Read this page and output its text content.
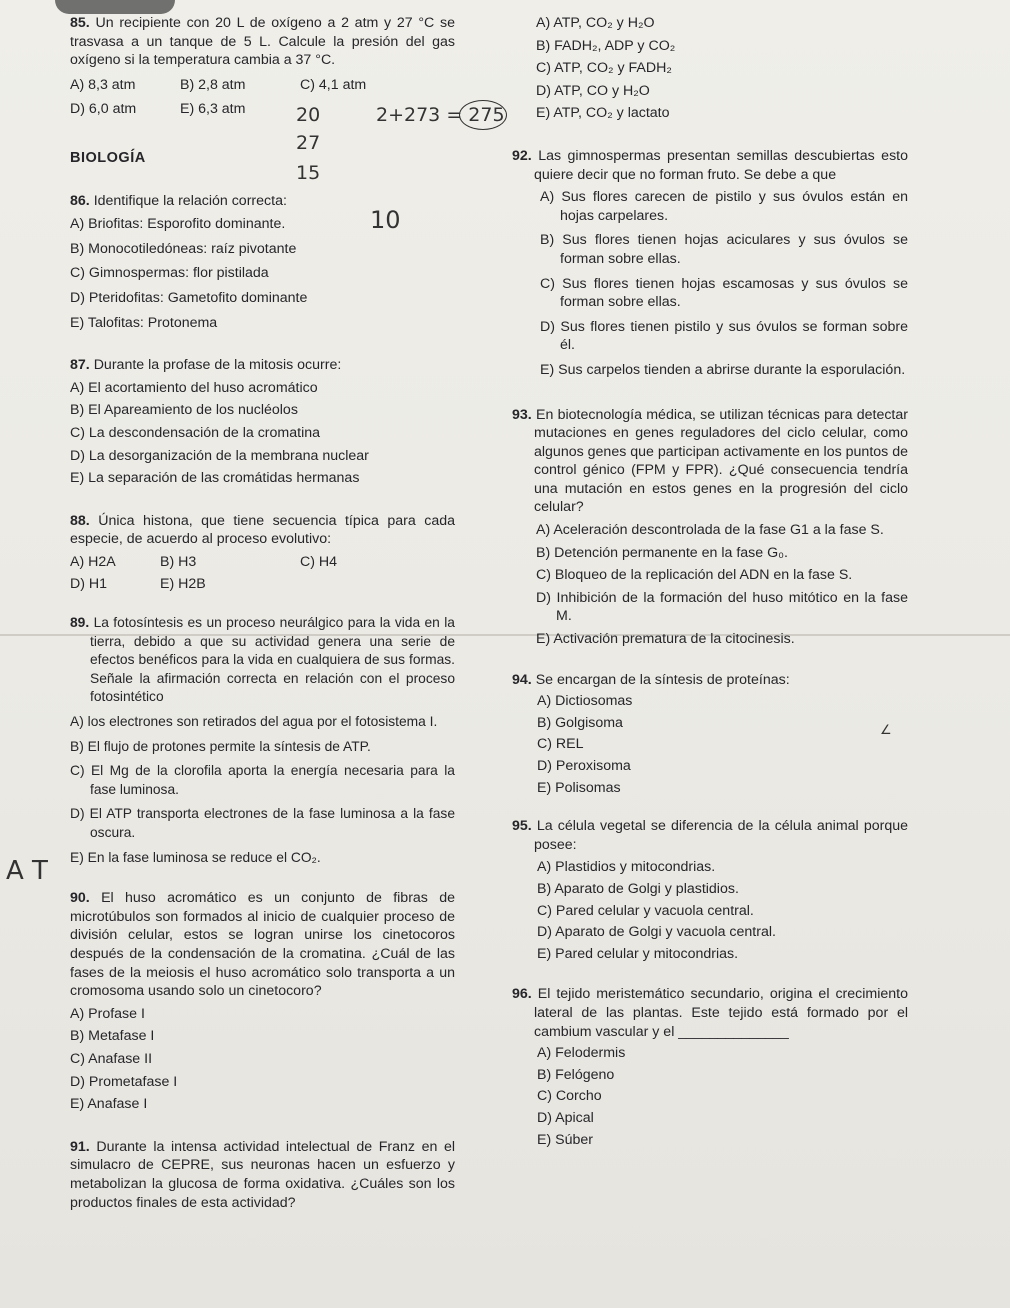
85. Un recipiente con 20 L de oxígeno a 2 atm y 27 °C se trasvasa a un tanque de 5 L. Calcule la presión del gas oxígeno si la temperatura cambia a 37 °C.

A) 8,3 atm	B) 2,8 atm	C) 4,1 atm
D) 6,0 atm	E) 6,3 atm

BIOLOGÍA

86. Identifique la relación correcta:

A) Briofitas: Esporofito dominante.

B) Monocotiledóneas: raíz pivotante

C) Gimnospermas: flor pistilada

D) Pteridofitas: Gametofito dominante

E) Talofitas: Protonema

87. Durante la profase de la mitosis ocurre:

A) El acortamiento del huso acromático

B) El Apareamiento de los nucléolos

C) La descondensación de la cromatina

D) La desorganización de la membrana nuclear

E) La separación de las cromátidas hermanas

88. Única histona, que tiene secuencia típica para cada especie, de acuerdo al proceso evolutivo:

A) H2A	B) H3	C) H4
D) H1	E) H2B

89. La fotosíntesis es un proceso neurálgico para la vida en la tierra, debido a que su actividad genera una serie de efectos benéficos para la vida en cualquiera de sus formas. Señale la afirmación correcta en relación con el proceso fotosintético

A) los electrones son retirados del agua por el fotosistema I.

B) El flujo de protones permite la síntesis de ATP.

C) El Mg de la clorofila aporta la energía necesaria para la fase luminosa.

D) El ATP transporta electrones de la fase luminosa a la fase oscura.

E) En la fase luminosa se reduce el CO₂.

90. El huso acromático es un conjunto de fibras de microtúbulos son formados al inicio de cualquier proceso de división celular, estos se logran unirse los cinetocoros después de la condensación de la cromatina. ¿Cuál de las fases de la meiosis el huso acromático solo transporta a un cromosoma usando solo un cinetocoro?

A) Profase I

B) Metafase I

C) Anafase II

D) Prometafase I

E) Anafase I

91. Durante la intensa actividad intelectual de Franz en el simulacro de CEPRE, sus neuronas hacen un esfuerzo y metabolizan la glucosa de forma oxidativa. ¿Cuáles son los productos finales de esta actividad?

A) ATP, CO₂ y H₂O

B) FADH₂, ADP y CO₂

C) ATP, CO₂ y FADH₂

D) ATP, CO y H₂O

E) ATP, CO₂ y lactato

92. Las gimnospermas presentan semillas descubiertas esto quiere decir que no forman fruto. Se debe a que

A) Sus flores carecen de pistilo y sus óvulos están en hojas carpelares.

B) Sus flores tienen hojas aciculares y sus óvulos se forman sobre ellas.

C) Sus flores tienen hojas escamosas y sus óvulos se forman sobre ellas.

D) Sus flores tienen pistilo y sus óvulos se forman sobre él.

E) Sus carpelos tienden a abrirse durante la esporulación.

93. En biotecnología médica, se utilizan técnicas para detectar mutaciones en genes reguladores del ciclo celular, como algunos genes que participan activamente en los puntos de control génico (FPM y FPR). ¿Qué consecuencia tendría una mutación en estos genes en la progresión del ciclo celular?

A) Aceleración descontrolada de la fase G1 a la fase S.

B) Detención permanente en la fase G₀.

C) Bloqueo de la replicación del ADN en la fase S.

D) Inhibición de la formación del huso mitótico en la fase M.

E) Activación prematura de la citocinesis.

94. Se encargan de la síntesis de proteínas:

A) Dictiosomas

B) Golgisoma

C) REL

D) Peroxisoma

E) Polisomas

95. La célula vegetal se diferencia de la célula animal porque posee:

A) Plastidios y mitocondrias.

B) Aparato de Golgi y plastidios.

C) Pared celular y vacuola central.

D) Aparato de Golgi y vacuola central.

E) Pared celular y mitocondrias.

96. El tejido meristemático secundario, origina el crecimiento lateral de las plantas. Este tejido está formado por el cambium vascular y el ______________

A) Felodermis

B) Felógeno

C) Corcho

D) Apical

E) Súber

20	2+273 = 275
27
15
10
A T
∠
